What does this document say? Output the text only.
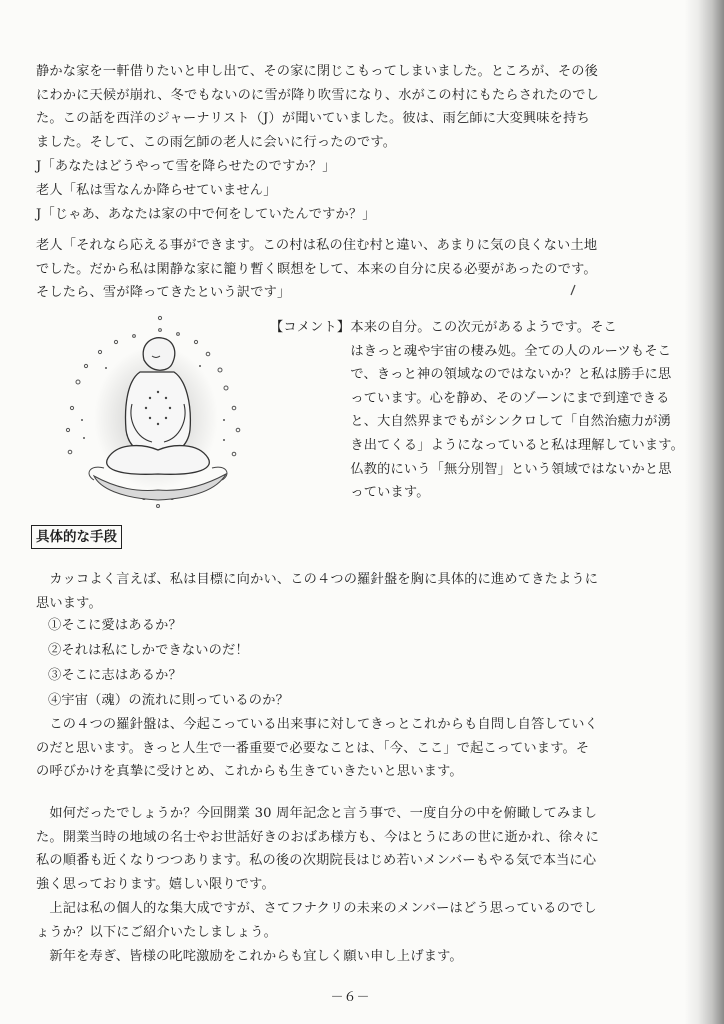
静かな家を一軒借りたいと申し出て、その家に閉じこもってしまいました。ところが、その後
にわかに天候が崩れ、冬でもないのに雪が降り吹雪になり、水がこの村にもたらされたのでし
た。この話を西洋のジャーナリスト（J）が聞いていました。彼は、雨乞師に大変興味を持ち
ました。そして、この雨乞師の老人に会いに行ったのです。

J「あなたはどうやって雪を降らせたのですか？」

老人「私は雪なんか降らせていません」

J「じゃあ、あなたは家の中で何をしていたんですか？」

老人「それなら応える事ができます。この村は私の住む村と違い、あまりに気の良くない土地
でした。だから私は閑静な家に籠り暫く瞑想をして、本来の自分に戻る必要があったのです。
そしたら、雪が降ってきたという訳です」

【コメント】本来の自分。この次元があるようです。そこ
　　　　　　はきっと魂や宇宙の棲み処。全ての人のルーツもそこ
　　　　　　で、きっと神の領域なのではないか？と私は勝手に思
　　　　　　っています。心を静め、そのゾーンにまで到達できる
　　　　　　と、大自然界までもがシンクロして「自然治癒力が湧
　　　　　　き出てくる」ようになっていると私は理解しています。
　　　　　　仏教的にいう「無分別智」という領域ではないかと思
　　　　　　っています。

具体的な手段

　カッコよく言えば、私は目標に向かい、この４つの羅針盤を胸に具体的に進めてきたように
思います。

①そこに愛はあるか？

②それは私にしかできないのだ！

③そこに志はあるか？

④宇宙（魂）の流れに則っているのか？

　この４つの羅針盤は、今起こっている出来事に対してきっとこれからも自問し自答していく
のだと思います。きっと人生で一番重要で必要なことは、「今、ここ」で起こっています。そ
の呼びかけを真摯に受けとめ、これからも生きていきたいと思います。

　如何だったでしょうか？今回開業 30 周年記念と言う事で、一度自分の中を俯瞰してみまし
た。開業当時の地域の名士やお世話好きのおばあ様方も、今はとうにあの世に逝かれ、徐々に
私の順番も近くなりつつあります。私の後の次期院長はじめ若いメンバーもやる気で本当に心
強く思っております。嬉しい限りです。

　上記は私の個人的な集大成ですが、さてフナクリの未来のメンバーはどう思っているのでし
ょうか？以下にご紹介いたしましょう。

　新年を寿ぎ、皆様の叱咤激励をこれからも宜しく願い申し上げます。

－６－
